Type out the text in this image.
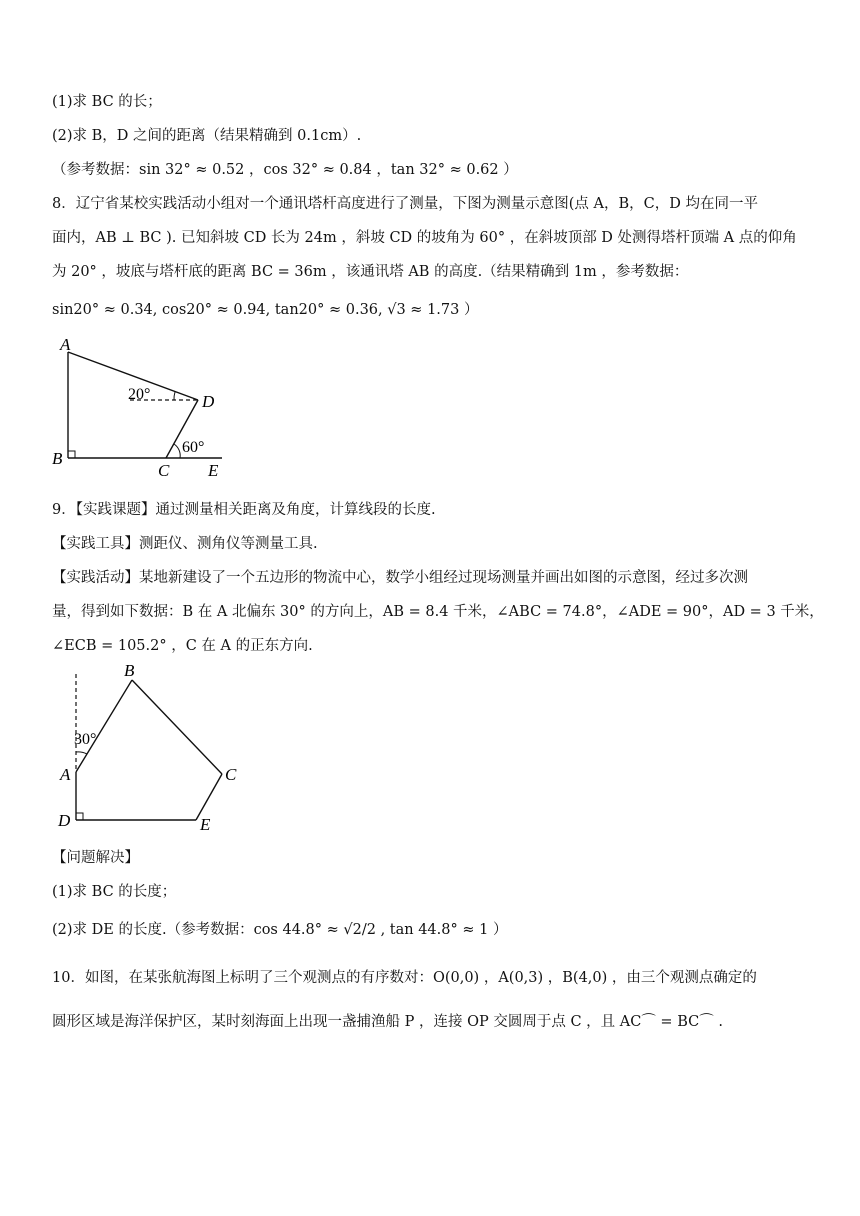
(1)求 BC 的长；
(2)求 B，D 之间的距离（结果精确到 0.1cm）.
（参考数据：sin 32° ≈ 0.52 ，cos 32° ≈ 0.84 ，tan 32° ≈ 0.62 ）
8．辽宁省某校实践活动小组对一个通讯塔杆高度进行了测量，下图为测量示意图(点 A，B，C，D 均在同一平
面内，AB ⊥ BC ). 已知斜坡 CD 长为 24m ，斜坡 CD 的坡角为 60° ，在斜坡顶部 D 处测得塔杆顶端 A 点的仰角
为 20° ，坡底与塔杆底的距离 BC = 36m ，该通讯塔 AB 的高度.（结果精确到 1m ，参考数据：
sin20° ≈ 0.34, cos20° ≈ 0.94, tan20° ≈ 0.36, √3 ≈ 1.73 ）
A
B
C
D
E
20°
60°
9．【实践课题】通过测量相关距离及角度，计算线段的长度.
【实践工具】测距仪、测角仪等测量工具.
【实践活动】某地新建设了一个五边形的物流中心，数学小组经过现场测量并画出如图的示意图，经过多次测
量，得到如下数据：B 在 A 北偏东 30° 的方向上，AB = 8.4 千米，∠ABC = 74.8°，∠ADE = 90°，AD = 3 千米，
∠ECB = 105.2° ，C 在 A 的正东方向.
A
B
C
D	E
30°
【问题解决】
(1)求 BC 的长度；
(2)求 DE 的长度.（参考数据：cos 44.8° ≈ √2/2 , tan 44.8° ≈ 1 ）
10．如图，在某张航海图上标明了三个观测点的有序数对：O(0,0) ，A(0,3) ，B(4,0) ，由三个观测点确定的
圆形区域是海洋保护区，某时刻海面上出现一盏捕渔船 P ，连接 OP 交圆周于点 C ，且 AC⌒ = BC⌒ .
